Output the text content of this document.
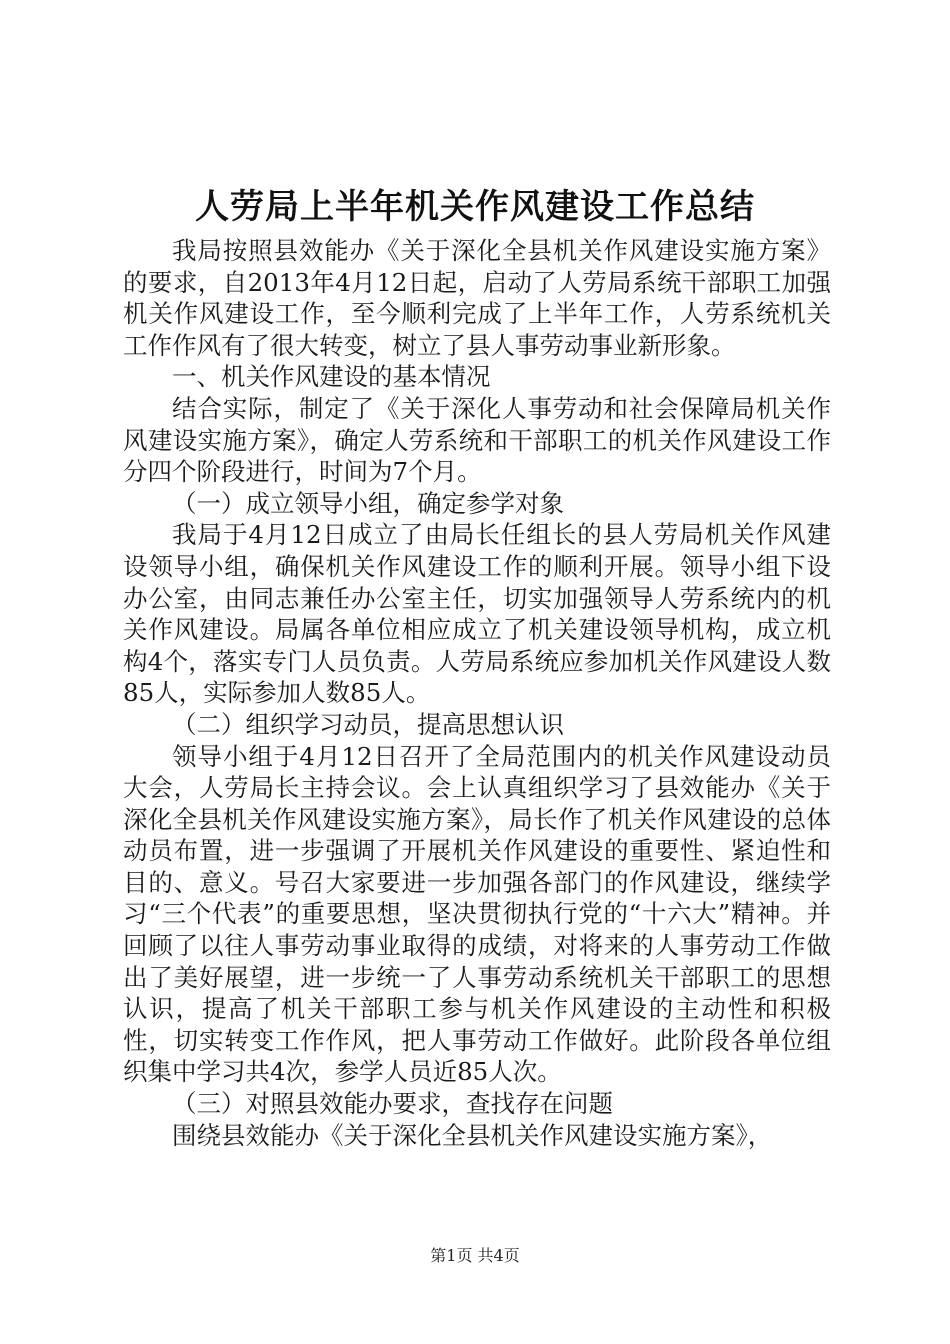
人劳局上半年机关作风建设工作总结

我局按照县效能办《关于深化全县机关作风建设实施方案》的要求，自2013年4月12日起，启动了人劳局系统干部职工加强机关作风建设工作，至今顺利完成了上半年工作，人劳系统机关工作作风有了很大转变，树立了县人事劳动事业新形象。

一、机关作风建设的基本情况

结合实际，制定了《关于深化人事劳动和社会保障局机关作风建设实施方案》，确定人劳系统和干部职工的机关作风建设工作分四个阶段进行，时间为7个月。

（一）成立领导小组，确定参学对象

我局于4月12日成立了由局长任组长的县人劳局机关作风建设领导小组，确保机关作风建设工作的顺利开展。领导小组下设办公室，由同志兼任办公室主任，切实加强领导人劳系统内的机关作风建设。局属各单位相应成立了机关建设领导机构，成立机构4个，落实专门人员负责。人劳局系统应参加机关作风建设人数85人，实际参加人数85人。

（二）组织学习动员，提高思想认识

领导小组于4月12日召开了全局范围内的机关作风建设动员大会，人劳局长主持会议。会上认真组织学习了县效能办《关于深化全县机关作风建设实施方案》，局长作了机关作风建设的总体动员布置，进一步强调了开展机关作风建设的重要性、紧迫性和目的、意义。号召大家要进一步加强各部门的作风建设，继续学习“三个代表”的重要思想，坚决贯彻执行党的“十六大”精神。并回顾了以往人事劳动事业取得的成绩，对将来的人事劳动工作做出了美好展望，进一步统一了人事劳动系统机关干部职工的思想认识，提高了机关干部职工参与机关作风建设的主动性和积极性，切实转变工作作风，把人事劳动工作做好。此阶段各单位组织集中学习共4次，参学人员近85人次。

（三）对照县效能办要求，查找存在问题

围绕县效能办《关于深化全县机关作风建设实施方案》，

第1页 共4页
